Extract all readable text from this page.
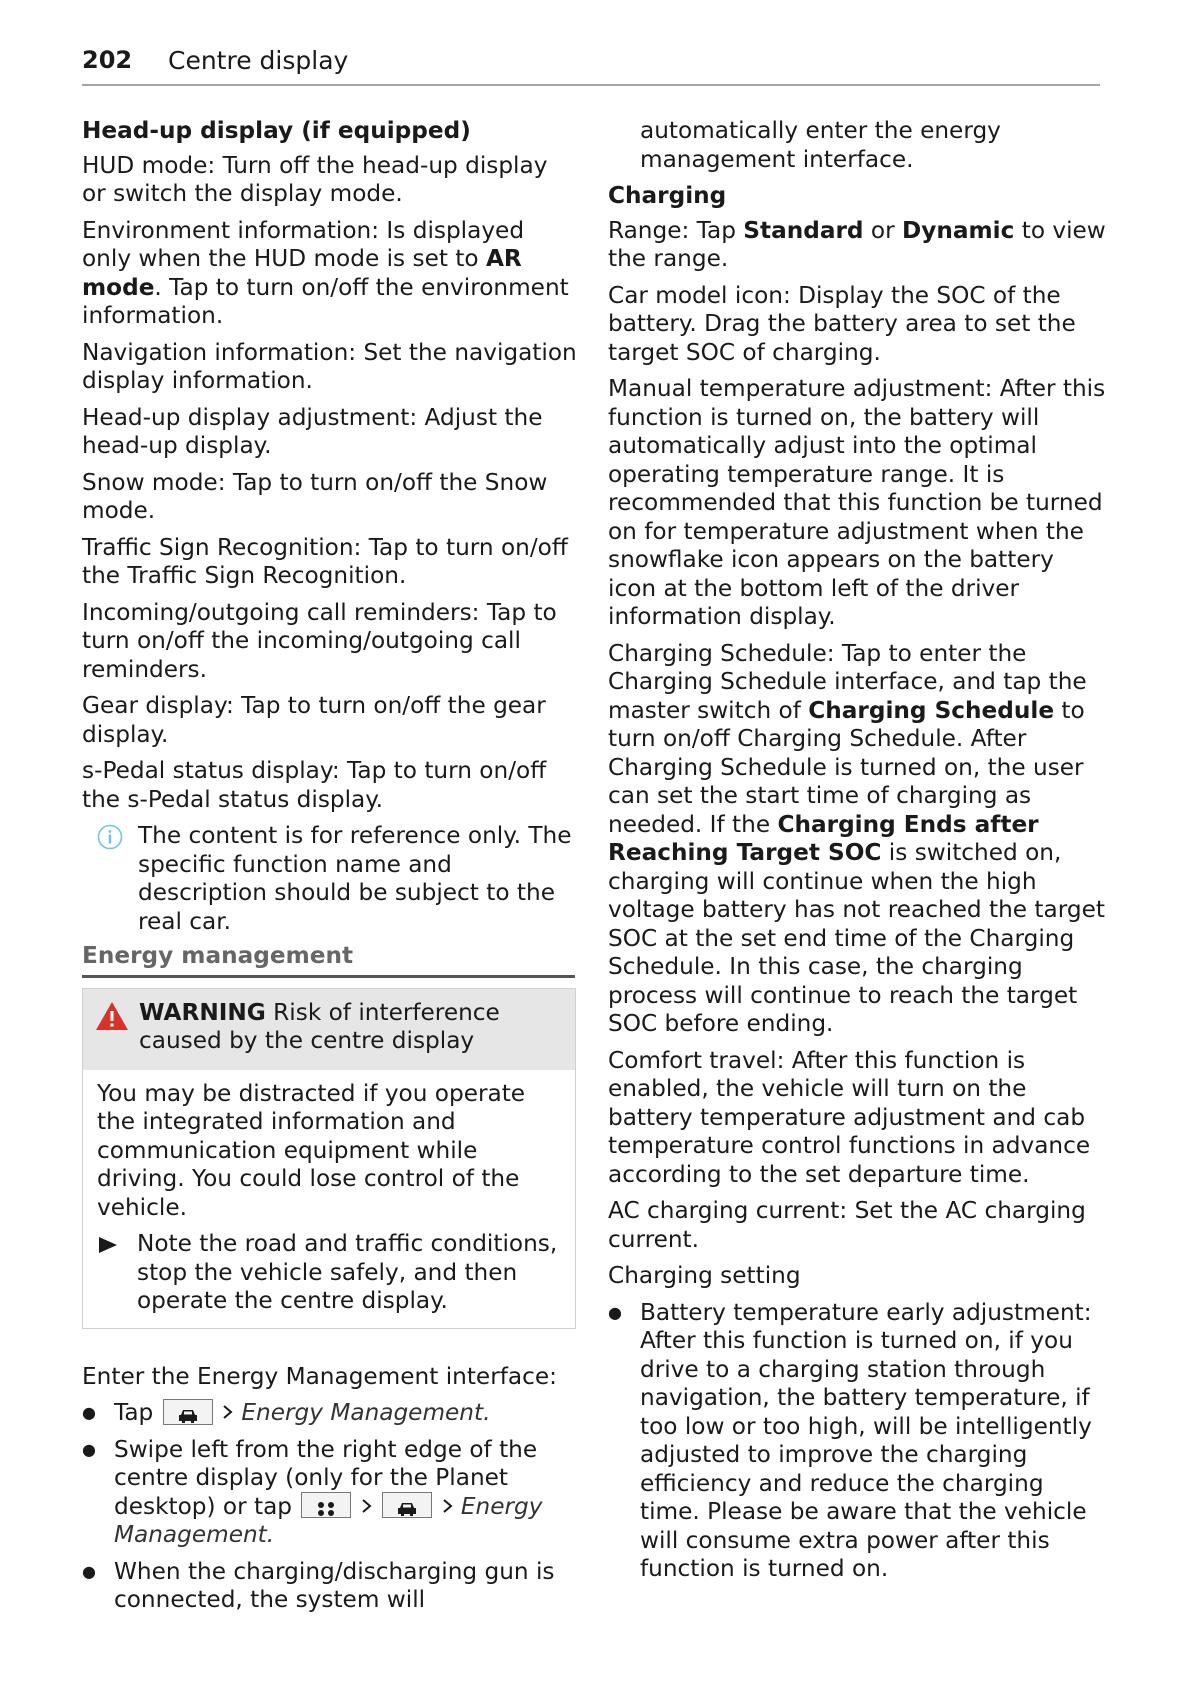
202 Centre display

Head-up display (if equipped)

HUD mode: Turn off the head-up display or switch the display mode.

Environment information: Is displayed only when the HUD mode is set to AR mode. Tap to turn on/off the environment information.

Navigation information: Set the navigation display information.

Head-up display adjustment: Adjust the head-up display.

Snow mode: Tap to turn on/off the Snow mode.

Traffic Sign Recognition: Tap to turn on/off the Traffic Sign Recognition.

Incoming/outgoing call reminders: Tap to turn on/off the incoming/outgoing call reminders.

Gear display: Tap to turn on/off the gear display.

s-Pedal status display: Tap to turn on/off the s-Pedal status display.

The content is for reference only. The specific function name and description should be subject to the real car.
Energy management
WARNING Risk of interference caused by the centre display
You may be distracted if you operate the integrated information and communication equipment while driving. You could lose control of the vehicle.
Note the road and traffic conditions, stop the vehicle safely, and then operate the centre display.

Enter the Energy Management interface:

● Tap	Energy Management.
● Swipe left from the right edge of the centre display (only for the Planet desktop) or tap	Energy Management.
● When the charging/discharging gun is connected, the system will

automatically enter the energy management interface.

Charging

Range: Tap Standard or Dynamic to view the range.

Car model icon: Display the SOC of the battery. Drag the battery area to set the target SOC of charging.

Manual temperature adjustment: After this function is turned on, the battery will automatically adjust into the optimal operating temperature range. It is recommended that this function be turned on for temperature adjustment when the snowflake icon appears on the battery icon at the bottom left of the driver information display.

Charging Schedule: Tap to enter the Charging Schedule interface, and tap the master switch of Charging Schedule to turn on/off Charging Schedule. After Charging Schedule is turned on, the user can set the start time of charging as needed. If the Charging Ends after Reaching Target SOC is switched on, charging will continue when the high voltage battery has not reached the target SOC at the set end time of the Charging Schedule. In this case, the charging process will continue to reach the target SOC before ending.

Comfort travel: After this function is enabled, the vehicle will turn on the battery temperature adjustment and cab temperature control functions in advance according to the set departure time.

AC charging current: Set the AC charging current.

Charging setting

● Battery temperature early adjustment: After this function is turned on, if you drive to a charging station through navigation, the battery temperature, if too low or too high, will be intelligently adjusted to improve the charging efficiency and reduce the charging time. Please be aware that the vehicle will consume extra power after this function is turned on.
